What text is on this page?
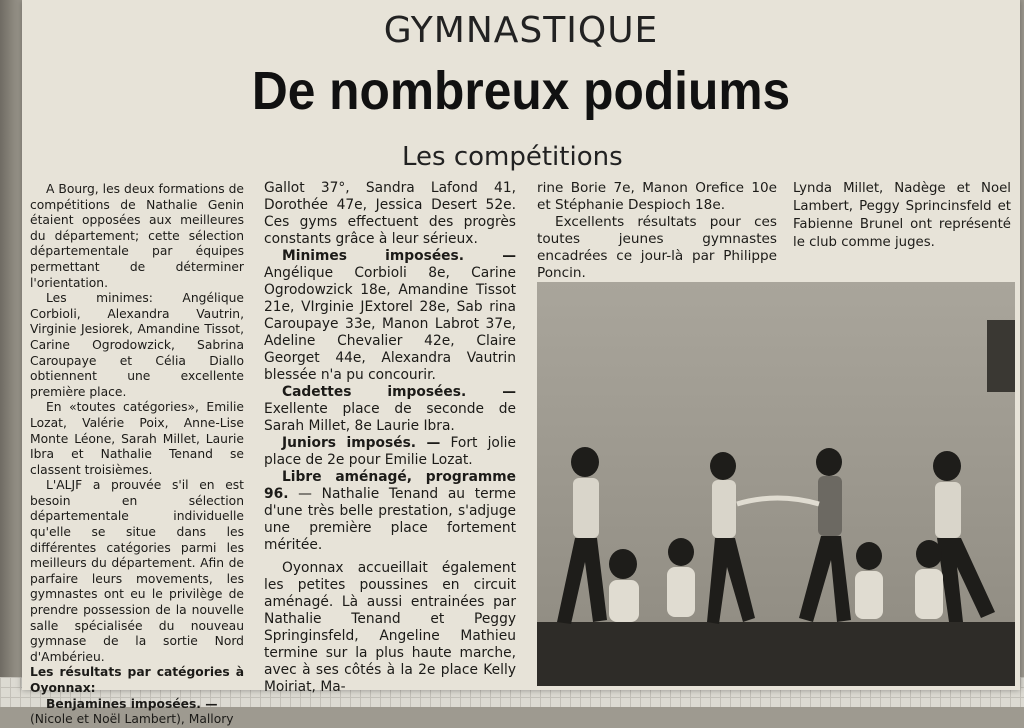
GYMNASTIQUE
De nombreux podiums
Les compétitions

A Bourg, les deux formations de compétitions de Nathalie Genin étaient opposées aux meilleures du département; cette sélection départementale par équipes permettant de déterminer l'orientation.

Les minimes: Angélique Corbioli, Alexandra Vautrin, Virginie Jesiorek, Amandine Tissot, Carine Ogrodowzick, Sabrina Caroupaye et Célia Diallo obtiennent une excellente première place.

En «toutes catégories», Emilie Lozat, Valérie Poix, Anne-Lise Monte Léone, Sarah Millet, Laurie Ibra et Nathalie Tenand se classent troisièmes.

L'ALJF a prouvée s'il en est besoin en sélection départementale individuelle qu'elle se situe dans les différentes catégories parmi les meilleurs du département. Afin de parfaire leurs movements, les gymnastes ont eu le privilège de prendre possession de la nouvelle salle spécialisée du nouveau gymnase de la sortie Nord d'Ambérieu.

Les résultats par catégories à Oyonnax:

Benjamines imposées. —

(Nicole et Noël Lambert), Mallory

Gallot 37°, Sandra Lafond 41, Dorothée 47e, Jessica Desert 52e. Ces gyms effectuent des progrès constants grâce à leur sérieux.

Minimes imposées. — Angélique Corbioli 8e, Carine Ogrodowzick 18e, Amandine Tissot 21e, VIrginie JExtorel 28e, Sab rina Caroupaye 33e, Manon Labrot 37e, Adeline Chevalier 42e, Claire Georget 44e, Alexandra Vautrin blessée n'a pu concourir.

Cadettes imposées. — Exellente place de seconde de Sarah Millet, 8e Laurie Ibra.

Juniors imposés. — Fort jolie place de 2e pour Emilie Lozat.

Libre aménagé, programme 96. — Nathalie Tenand au terme d'une très belle prestation, s'adjuge une première place fortement méritée.

Oyonnax accueillait également les petites poussines en circuit aménagé. Là aussi entrainées par Nathalie Tenand et Peggy Springinsfeld, Angeline Mathieu termine sur la plus haute marche, avec à ses côtés à la 2e place Kelly Moiriat, Ma-

rine Borie 7e, Manon Orefice 10e et Stéphanie Despioch 18e.

Excellents résultats pour ces toutes jeunes gymnastes encadrées ce jour-là par Philippe Poncin.

Lynda Millet, Nadège et Noel Lambert, Peggy Sprincinsfeld et Fabienne Brunel ont représenté le club comme juges.
